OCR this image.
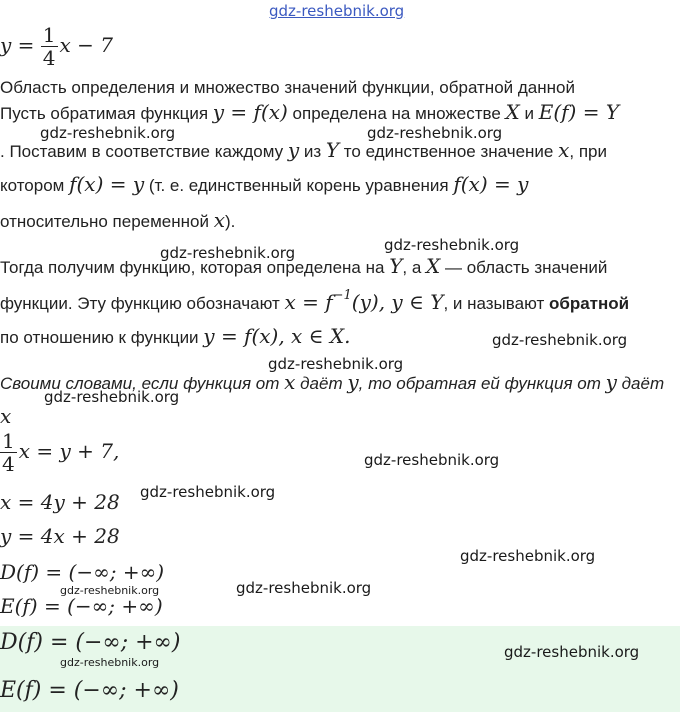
gdz-reshebnik.org
gdz-reshebnik.org	gdz-reshebnik.org
gdz-reshebnik.org	gdz-reshebnik.org
gdz-reshebnik.org
gdz-reshebnik.org
gdz-reshebnik.org
gdz-reshebnik.org
gdz-reshebnik.org
gdz-reshebnik.org
gdz-reshebnik.org
gdz-reshebnik.org
gdz-reshebnik.org
gdz-reshebnik.org
$y = \frac{1}{4}$ x − 7
Область определения и множество значений функции, обратной данной
Пусть обратимая функция y = f(x) определена на множестве X и E(f) = Y
. Поставим в соответствие каждому y из Y то единственное значение x, при
котором f(x) = y (т. е. единственный корень уравнения f(x) = y
относительно переменной x).
Тогда получим функцию, которая определена на Y, а X — область значений
функции. Эту функцию обозначают $x = f^{-1}(y)$, y ∈ Y, и называют обратной
по отношению к функции y = f(x), x ∈ X.
Своими словами, если функция от x даёт y, то обратная ей функция от y даёт
x
$\frac{1}{4}$ x = y + 7,
x = 4y + 28
y = 4x + 28
D(f) = (−∞; +∞)
E(f) = (−∞; +∞)
D(f) = (−∞; +∞)
E(f) = (−∞; +∞)
